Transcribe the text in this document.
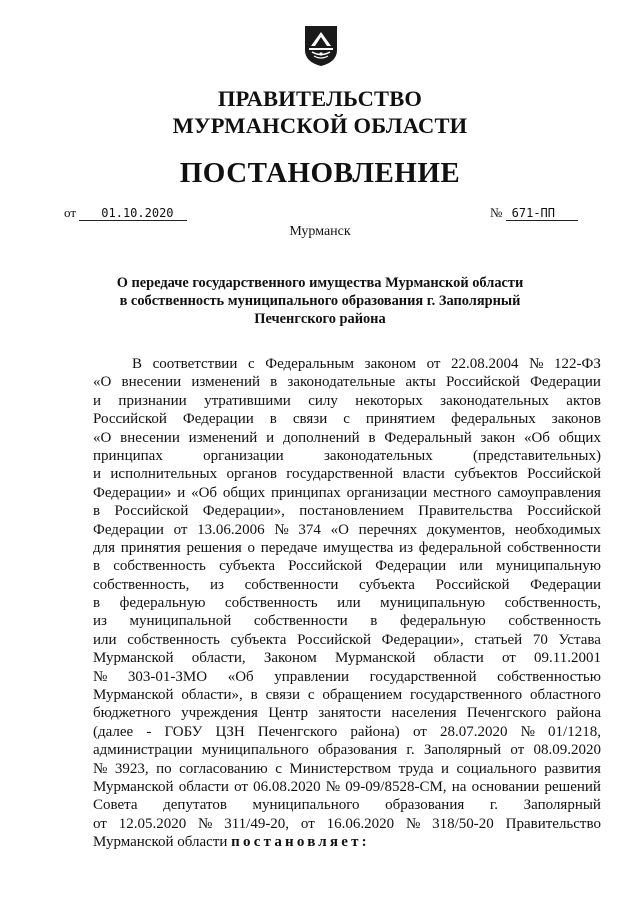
ПРАВИТЕЛЬСТВО
МУРМАНСКОЙ ОБЛАСТИ
ПОСТАНОВЛЕНИЕ
от 01.10.2020	№ 671-ПП
Мурманск
О передаче государственного имущества Мурманской области
в собственность муниципального образования г. Заполярный
Печенгского района
В соответствии с Федеральным законом от 22.08.2004 № 122-ФЗ
«О внесении изменений в законодательные акты Российской Федерации
и признании утратившими силу некоторых законодательных актов
Российской Федерации в связи с принятием федеральных законов
«О внесении изменений и дополнений в Федеральный закон «Об общих
принципах	организации	законодательных	(представительных)
и исполнительных органов государственной власти субъектов Российской
Федерации» и «Об общих принципах организации местного самоуправления
в Российской Федерации», постановлением Правительства Российской
Федерации от 13.06.2006 № 374 «О перечнях документов, необходимых
для принятия решения о передаче имущества из федеральной собственности
в собственность субъекта Российской Федерации или муниципальную
собственность, из собственности субъекта Российской Федерации
в федеральную собственность или муниципальную собственность,
из муниципальной собственности в федеральную собственность
или собственность субъекта Российской Федерации», статьей 70 Устава
Мурманской области, Законом Мурманской области от 09.11.2001
№ 303-01-ЗМО «Об управлении государственной собственностью
Мурманской области», в связи с обращением государственного областного
бюджетного учреждения Центр занятости населения Печенгского района
(далее - ГОБУ ЦЗН Печенгского района) от 28.07.2020 № 01/1218,
администрации муниципального образования г. Заполярный от 08.09.2020
№ 3923, по согласованию с Министерством труда и социального развития
Мурманской области от 06.08.2020 № 09-09/8528-СМ, на основании решений
Совета депутатов муниципального образования г. Заполярный
от 12.05.2020 № 311/49-20, от 16.06.2020 № 318/50-20 Правительство
Мурманской области постановляет:
